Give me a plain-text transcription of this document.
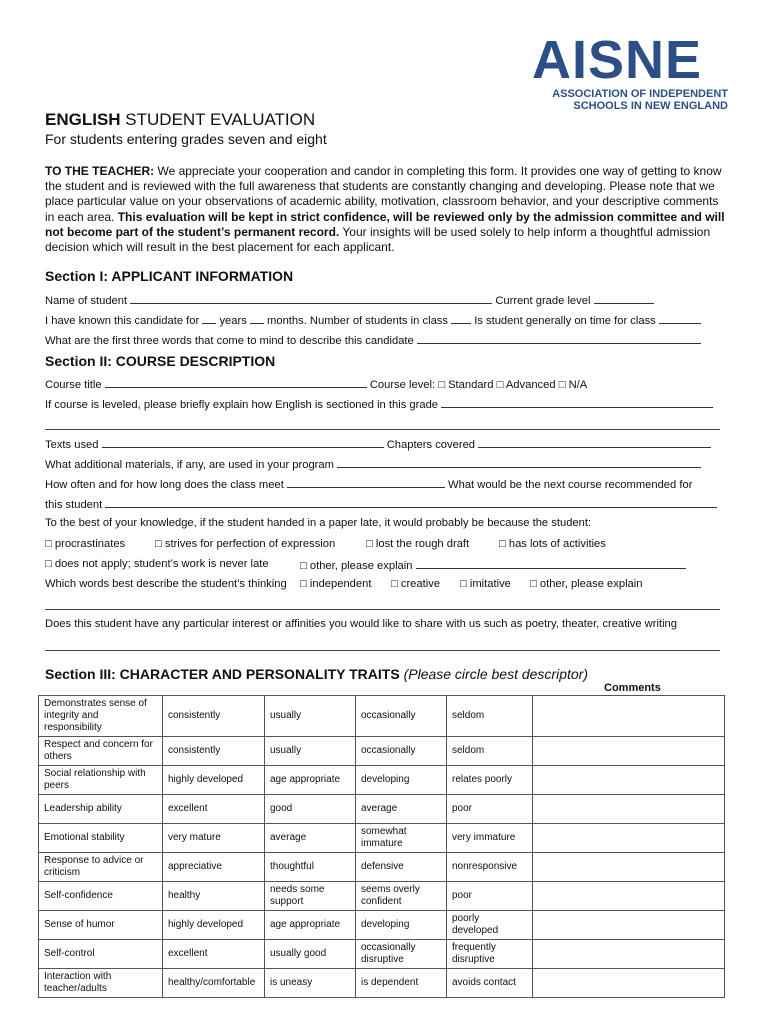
AISNE
ASSOCIATION OF INDEPENDENT
SCHOOLS IN NEW ENGLAND
ENGLISH STUDENT EVALUATION
For students entering grades seven and eight
TO THE TEACHER: We appreciate your cooperation and candor in completing this form. It provides one way of getting to know the student and is reviewed with the full awareness that students are constantly changing and developing. Please note that we place particular value on your observations of academic ability, motivation, classroom behavior, and your descriptive comments in each area. This evaluation will be kept in strict confidence, will be reviewed only by the admission committee and will not become part of the student’s permanent record. Your insights will be used solely to help inform a thoughtful admission decision which will result in the best placement for each applicant.
Section I: APPLICANT INFORMATION
Name of student	Current grade level
I have known this candidate for years months. Number of students in class Is student generally on time for class
What are the first three words that come to mind to describe this candidate
Section II: COURSE DESCRIPTION
Course title	Course level: □ Standard □ Advanced □ N/A
If course is leveled, please briefly explain how English is sectioned in this grade
Texts used	Chapters covered
What additional materials, if any, are used in your program
How often and for how long does the class meet	What would be the next course recommended for
this student
To the best of your knowledge, if the student handed in a paper late, it would probably be because the student:
□ procrastinates	□ strives for perfection of expression	□ lost the rough draft	□ has lots of activities
□ does not apply; student’s work is never late	□ other, please explain
Which words best describe the student’s thinking □ independent □ creative □ imitative □ other, please explain
Does this student have any particular interest or affinities you would like to share with us such as poetry, theater, creative writing
Section III: CHARACTER AND PERSONALITY TRAITS (Please circle best descriptor)
Comments
Demonstrates sense of integrity and responsibility	consistently	usually	occasionally	seldom	
Respect and concern for others	consistently	usually	occasionally	seldom	
Social relationship with peers	highly developed	age appropriate	developing	relates poorly	
Leadership ability	excellent	good	average	poor	
Emotional stability	very mature	average	somewhat immature	very immature	
Response to advice or criticism	appreciative	thoughtful	defensive	nonresponsive	
Self-confidence	healthy	needs some support	seems overly confident	poor	
Sense of humor	highly developed	age appropriate	developing	poorly developed	
Self-control	excellent	usually good	occasionally disruptive	frequently disruptive	
Interaction with teacher/adults	healthy/comfortable	is uneasy	is dependent	avoids contact	
